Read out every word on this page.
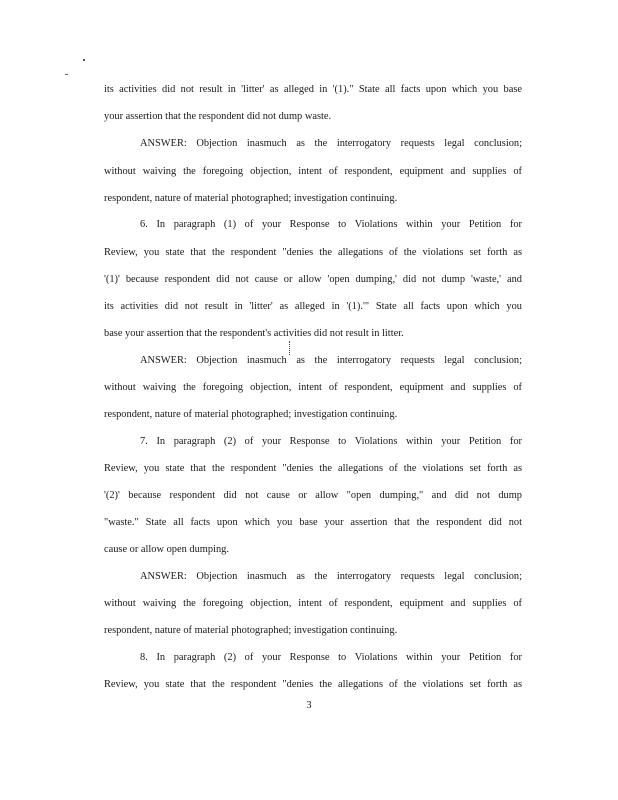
its activities did not result in 'litter' as alleged in '(1)." State all facts upon which you base
your assertion that the respondent did not dump waste.
ANSWER: Objection inasmuch as the interrogatory requests legal conclusion;
without waiving the foregoing objection, intent of respondent, equipment and supplies of
respondent, nature of material photographed; investigation continuing.
6. In paragraph (1) of your Response to Violations within your Petition for
Review, you state that the respondent "denies the allegations of the violations set forth as
'(1)' because respondent did not cause or allow 'open dumping,' did not dump 'waste,' and
its activities did not result in 'litter' as alleged in '(1).'" State all facts upon which you
base your assertion that the respondent's activities did not result in litter.
ANSWER: Objection inasmuch as the interrogatory requests legal conclusion;
without waiving the foregoing objection, intent of respondent, equipment and supplies of
respondent, nature of material photographed; investigation continuing.
7. In paragraph (2) of your Response to Violations within your Petition for
Review, you state that the respondent "denies the allegations of the violations set forth as
'(2)' because respondent did not cause or allow "open dumping," and did not dump
"waste." State all facts upon which you base your assertion that the respondent did not
cause or allow open dumping.
ANSWER: Objection inasmuch as the interrogatory requests legal conclusion;
without waiving the foregoing objection, intent of respondent, equipment and supplies of
respondent, nature of material photographed; investigation continuing.
8. In paragraph (2) of your Response to Violations within your Petition for
Review, you state that the respondent "denies the allegations of the violations set forth as
3
